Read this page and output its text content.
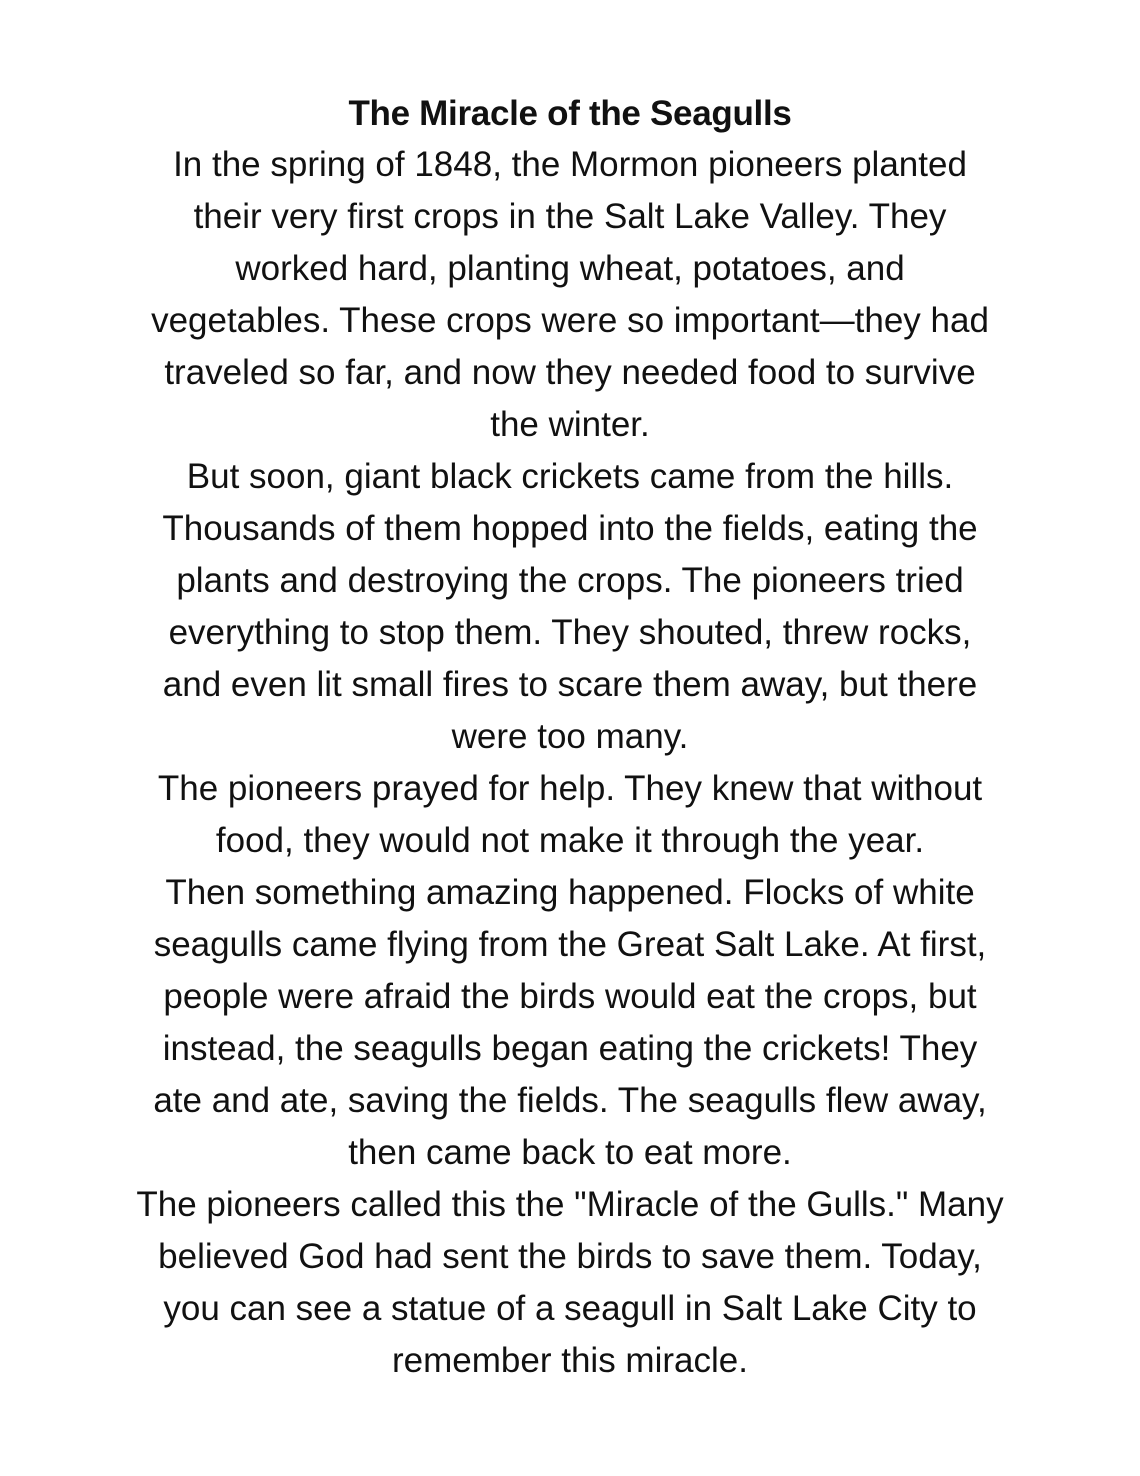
The Miracle of the Seagulls

In the spring of 1848, the Mormon pioneers planted
their very first crops in the Salt Lake Valley. They
worked hard, planting wheat, potatoes, and
vegetables. These crops were so important—they had
traveled so far, and now they needed food to survive
the winter.

But soon, giant black crickets came from the hills.
Thousands of them hopped into the fields, eating the
plants and destroying the crops. The pioneers tried
everything to stop them. They shouted, threw rocks,
and even lit small fires to scare them away, but there
were too many.

The pioneers prayed for help. They knew that without
food, they would not make it through the year.

Then something amazing happened. Flocks of white
seagulls came flying from the Great Salt Lake. At first,
people were afraid the birds would eat the crops, but
instead, the seagulls began eating the crickets! They
ate and ate, saving the fields. The seagulls flew away,
then came back to eat more.

The pioneers called this the "Miracle of the Gulls." Many
believed God had sent the birds to save them. Today,
you can see a statue of a seagull in Salt Lake City to
remember this miracle.
